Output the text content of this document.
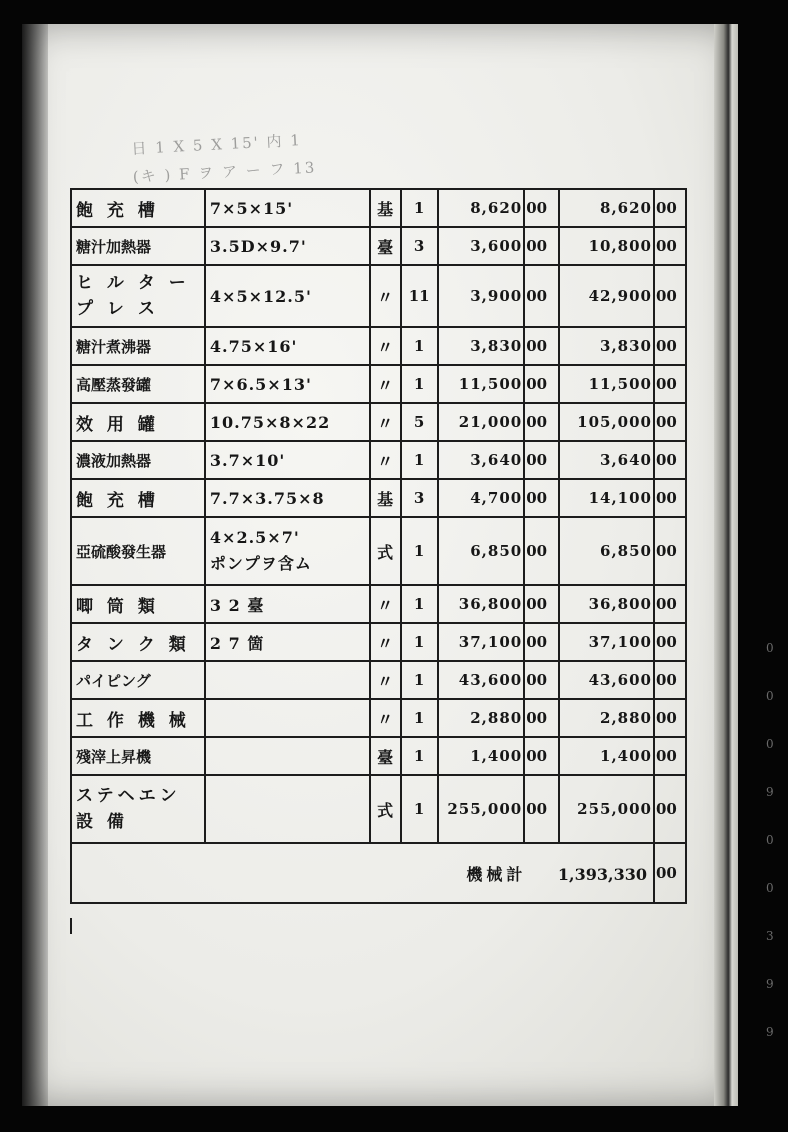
日 1 X 5 X 15' 内 1
(キ ) F ヲ ア ー フ 13
0
0
0
9
0
0
3
9
9
飽 充 槽	7×5×15'	基	1	8,620	00	8,620	00
糖汁加熱器	3.5D×9.7'	臺	3	3,600	00	10,800	00

ヒ ル タ ー
プ レ ス	4×5×12.5'	〃	11	3,900	00	42,900	00
糖汁煮沸器	4.75×16'	〃	1	3,830	00	3,830	00
高壓蒸發罐	7×6.5×13'	〃	1	11,500	00	11,500	00
效 用 罐	10.75×8×22	〃	5	21,000	00	105,000	00
濃液加熱器	3.7×10'	〃	1	3,640	00	3,640	00
飽 充 槽	7.7×3.75×8	基	3	4,700	00	14,100	00
亞硫酸發生器	4×2.5×7'
ポンプヲ含ム	式	1	6,850	00	6,850	00
唧 筒 類	3 2 臺	〃	1	36,800	00	36,800	00
タ ン ク 類	2 7 箇	〃	1	37,100	00	37,100	00
パイピング		〃	1	43,600	00	43,600	00
工 作 機 械		〃	1	2,880	00	2,880	00
殘滓上昇機		臺	1	1,400	00	1,400	00

ステヘエン
設 備		式	1	255,000	00	255,000	00
機械計 1,393,330							00
